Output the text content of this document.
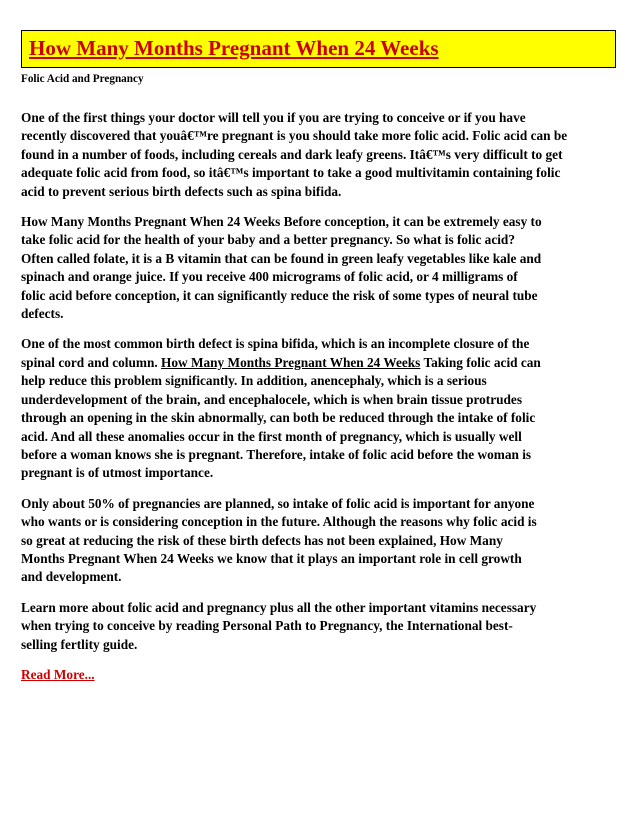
How Many Months Pregnant When 24 Weeks
Folic Acid and Pregnancy

One of the first things your doctor will tell you if you are trying to conceive or if you have
recently discovered that youâ€™re pregnant is you should take more folic acid. Folic acid can be
found in a number of foods, including cereals and dark leafy greens. Itâ€™s very difficult to get
adequate folic acid from food, so itâ€™s important to take a good multivitamin containing folic
acid to prevent serious birth defects such as spina bifida.

How Many Months Pregnant When 24 Weeks Before conception, it can be extremely easy to
take folic acid for the health of your baby and a better pregnancy. So what is folic acid?
Often called folate, it is a B vitamin that can be found in green leafy vegetables like kale and
spinach and orange juice. If you receive 400 micrograms of folic acid, or 4 milligrams of
folic acid before conception, it can significantly reduce the risk of some types of neural tube
defects.

One of the most common birth defect is spina bifida, which is an incomplete closure of the
spinal cord and column. How Many Months Pregnant When 24 Weeks Taking folic acid can
help reduce this problem significantly. In addition, anencephaly, which is a serious
underdevelopment of the brain, and encephalocele, which is when brain tissue protrudes
through an opening in the skin abnormally, can both be reduced through the intake of folic
acid. And all these anomalies occur in the first month of pregnancy, which is usually well
before a woman knows she is pregnant. Therefore, intake of folic acid before the woman is
pregnant is of utmost importance.

Only about 50% of pregnancies are planned, so intake of folic acid is important for anyone
who wants or is considering conception in the future. Although the reasons why folic acid is
so great at reducing the risk of these birth defects has not been explained, How Many
Months Pregnant When 24 Weeks we know that it plays an important role in cell growth
and development.

Learn more about folic acid and pregnancy plus all the other important vitamins necessary
when trying to conceive by reading Personal Path to Pregnancy, the International best-
selling fertlity guide.

Read More...
